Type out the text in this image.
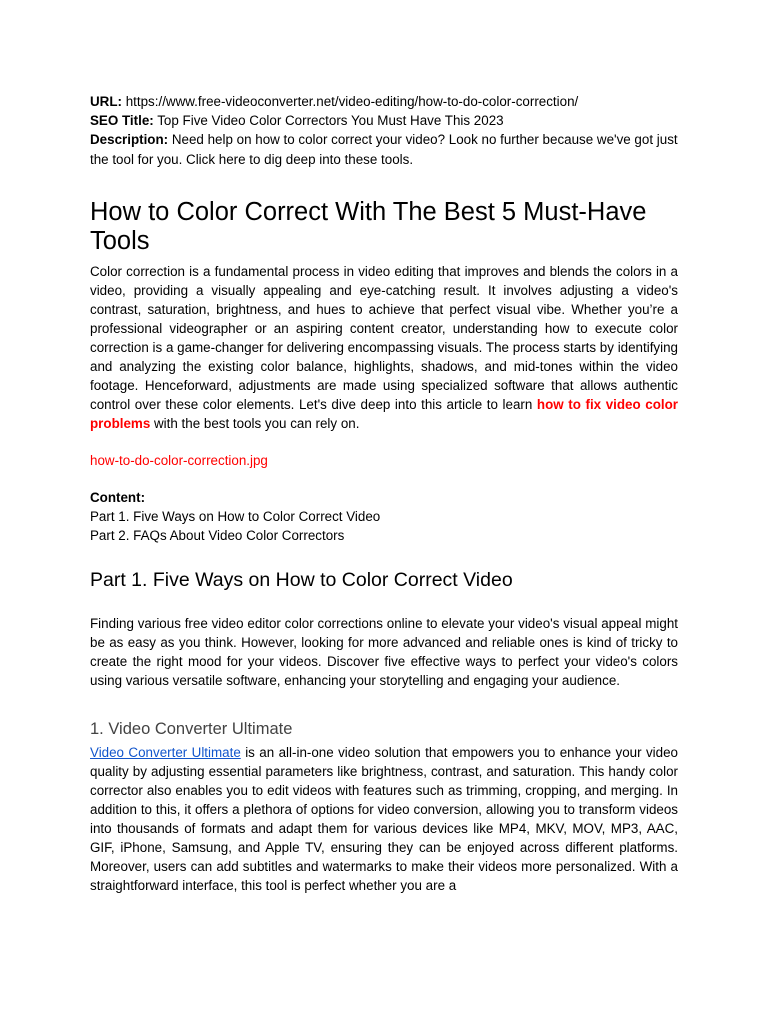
URL: https://www.free-videoconverter.net/video-editing/how-to-do-color-correction/

SEO Title: Top Five Video Color Correctors You Must Have This 2023

Description: Need help on how to color correct your video? Look no further because we've got just the tool for you. Click here to dig deep into these tools.

How to Color Correct With The Best 5 Must-Have Tools

Color correction is a fundamental process in video editing that improves and blends the colors in a video, providing a visually appealing and eye-catching result. It involves adjusting a video's contrast, saturation, brightness, and hues to achieve that perfect visual vibe. Whether you’re a professional videographer or an aspiring content creator, understanding how to execute color correction is a game-changer for delivering encompassing visuals. The process starts by identifying and analyzing the existing color balance, highlights, shadows, and mid-tones within the video footage. Henceforward, adjustments are made using specialized software that allows authentic control over these color elements. Let's dive deep into this article to learn how to fix video color problems with the best tools you can rely on.

how-to-do-color-correction.jpg

Content:

Part 1. Five Ways on How to Color Correct Video

Part 2. FAQs About Video Color Correctors

Part 1. Five Ways on How to Color Correct Video

Finding various free video editor color corrections online to elevate your video's visual appeal might be as easy as you think. However, looking for more advanced and reliable ones is kind of tricky to create the right mood for your videos. Discover five effective ways to perfect your video's colors using various versatile software, enhancing your storytelling and engaging your audience.

1. Video Converter Ultimate

Video Converter Ultimate is an all-in-one video solution that empowers you to enhance your video quality by adjusting essential parameters like brightness, contrast, and saturation. This handy color corrector also enables you to edit videos with features such as trimming, cropping, and merging. In addition to this, it offers a plethora of options for video conversion, allowing you to transform videos into thousands of formats and adapt them for various devices like MP4, MKV, MOV, MP3, AAC, GIF, iPhone, Samsung, and Apple TV, ensuring they can be enjoyed across different platforms. Moreover, users can add subtitles and watermarks to make their videos more personalized. With a straightforward interface, this tool is perfect whether you are a
